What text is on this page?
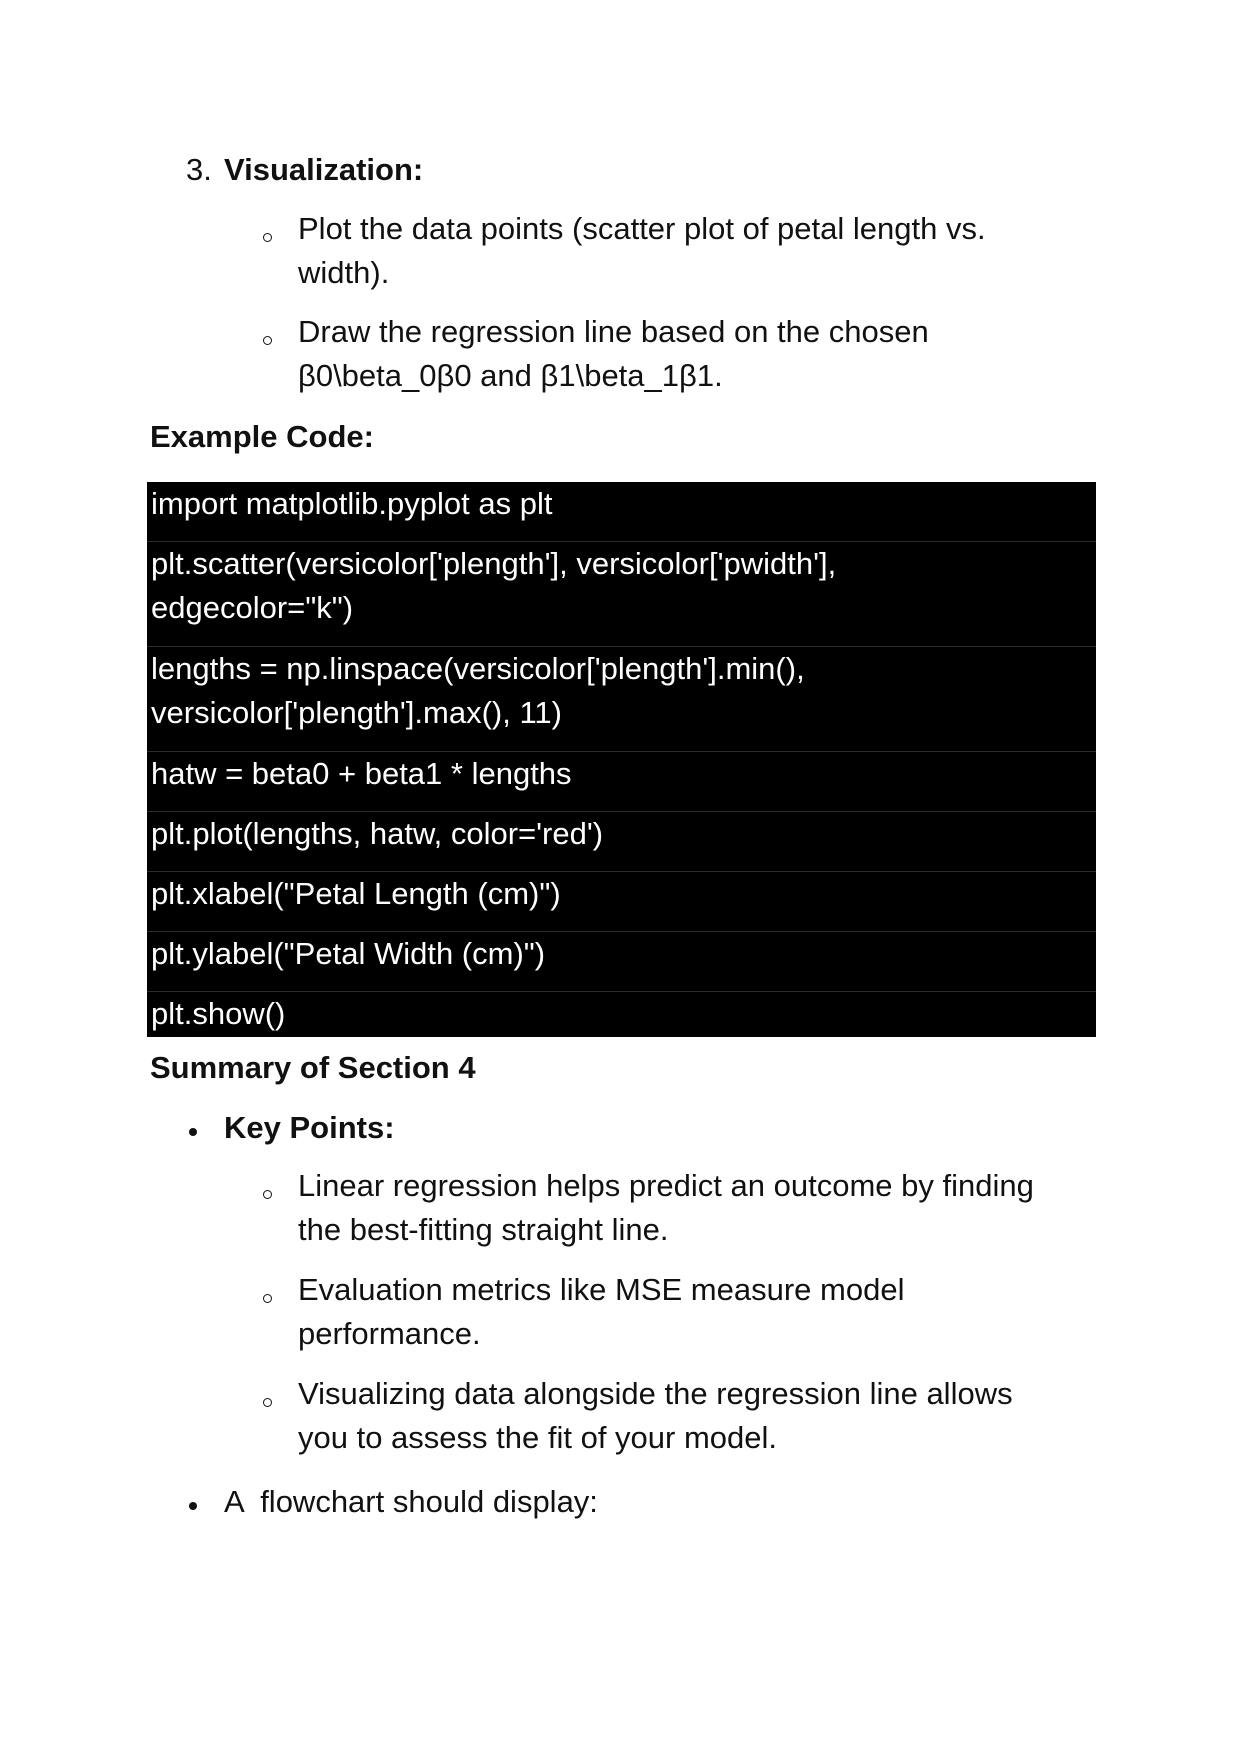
3. Visualization:
Plot the data points (scatter plot of petal length vs.
width).
Draw the regression line based on the chosen
β0\beta_0β0 and β1\beta_1β1.
Example Code:
import matplotlib.pyplot as plt
plt.scatter(versicolor['plength'], versicolor['pwidth'],
edgecolor="k")
lengths = np.linspace(versicolor['plength'].min(),
versicolor['plength'].max(), 11)
hatw = beta0 + beta1 * lengths
plt.plot(lengths, hatw, color='red')
plt.xlabel("Petal Length (cm)")
plt.ylabel("Petal Width (cm)")
plt.show()
Summary of Section 4
Key Points:
Linear regression helps predict an outcome by finding
the best-fitting straight line.
Evaluation metrics like MSE measure model
performance.
Visualizing data alongside the regression line allows
you to assess the fit of your model.
A  flowchart should display:
